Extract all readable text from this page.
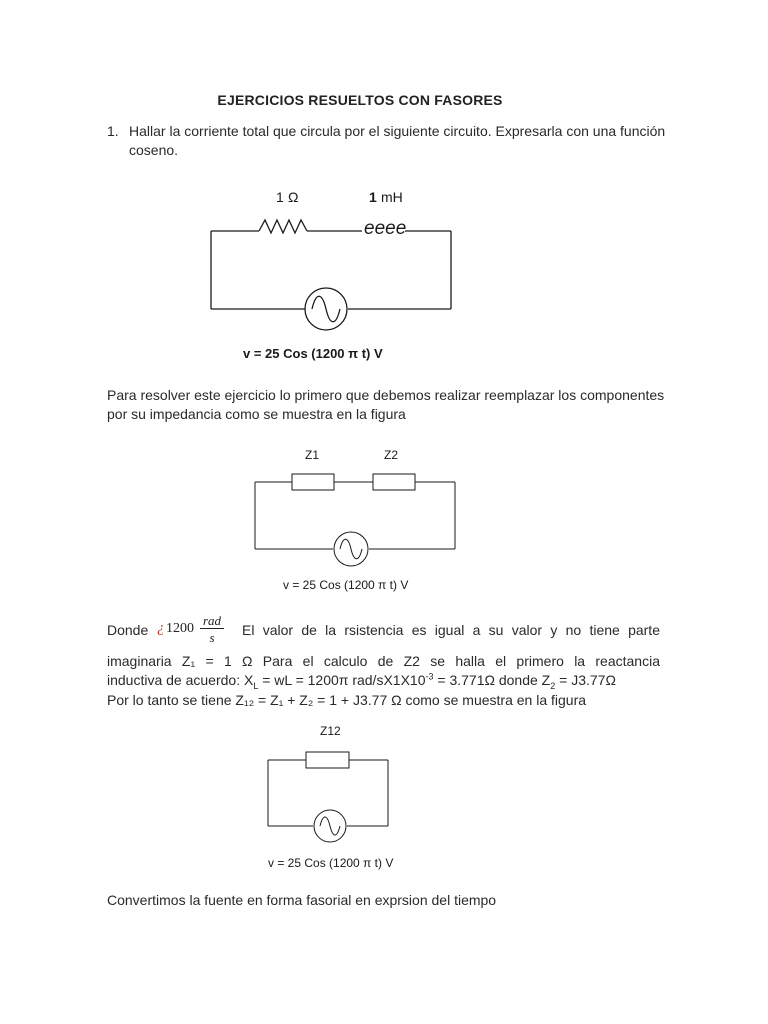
EJERCICIOS RESUELTOS CON FASORES
1. Hallar la corriente total que circula por el siguiente circuito. Expresarla con una función coseno.
1 Ω	1 mH
eeee
v = 25 Cos (1200 π t) V
Para resolver este ejercicio lo primero que debemos realizar reemplazar los componentes por su impedancia como se muestra en la figura
Z1	Z2
v = 25 Cos (1200 π t) V
Donde ¿ 1200
rad
s	El valor de la rsistencia es igual a su valor y no tiene parte
imaginaria Z₁ = 1 Ω Para el calculo de Z2 se halla el primero la reactancia
inductiva de acuerdo: $X_L$ = wL = 1200π rad/$sX1X10^{-3} = 3.771\Omega$ donde $Z_2 = J3.77\Omega$
Por lo tanto se tiene Z₁₂ = Z₁ + Z₂ = 1 + J3.77 Ω como se muestra en la figura
Z12
v = 25 Cos (1200 π t) V
Convertimos la fuente en forma fasorial en exprsion del tiempo
